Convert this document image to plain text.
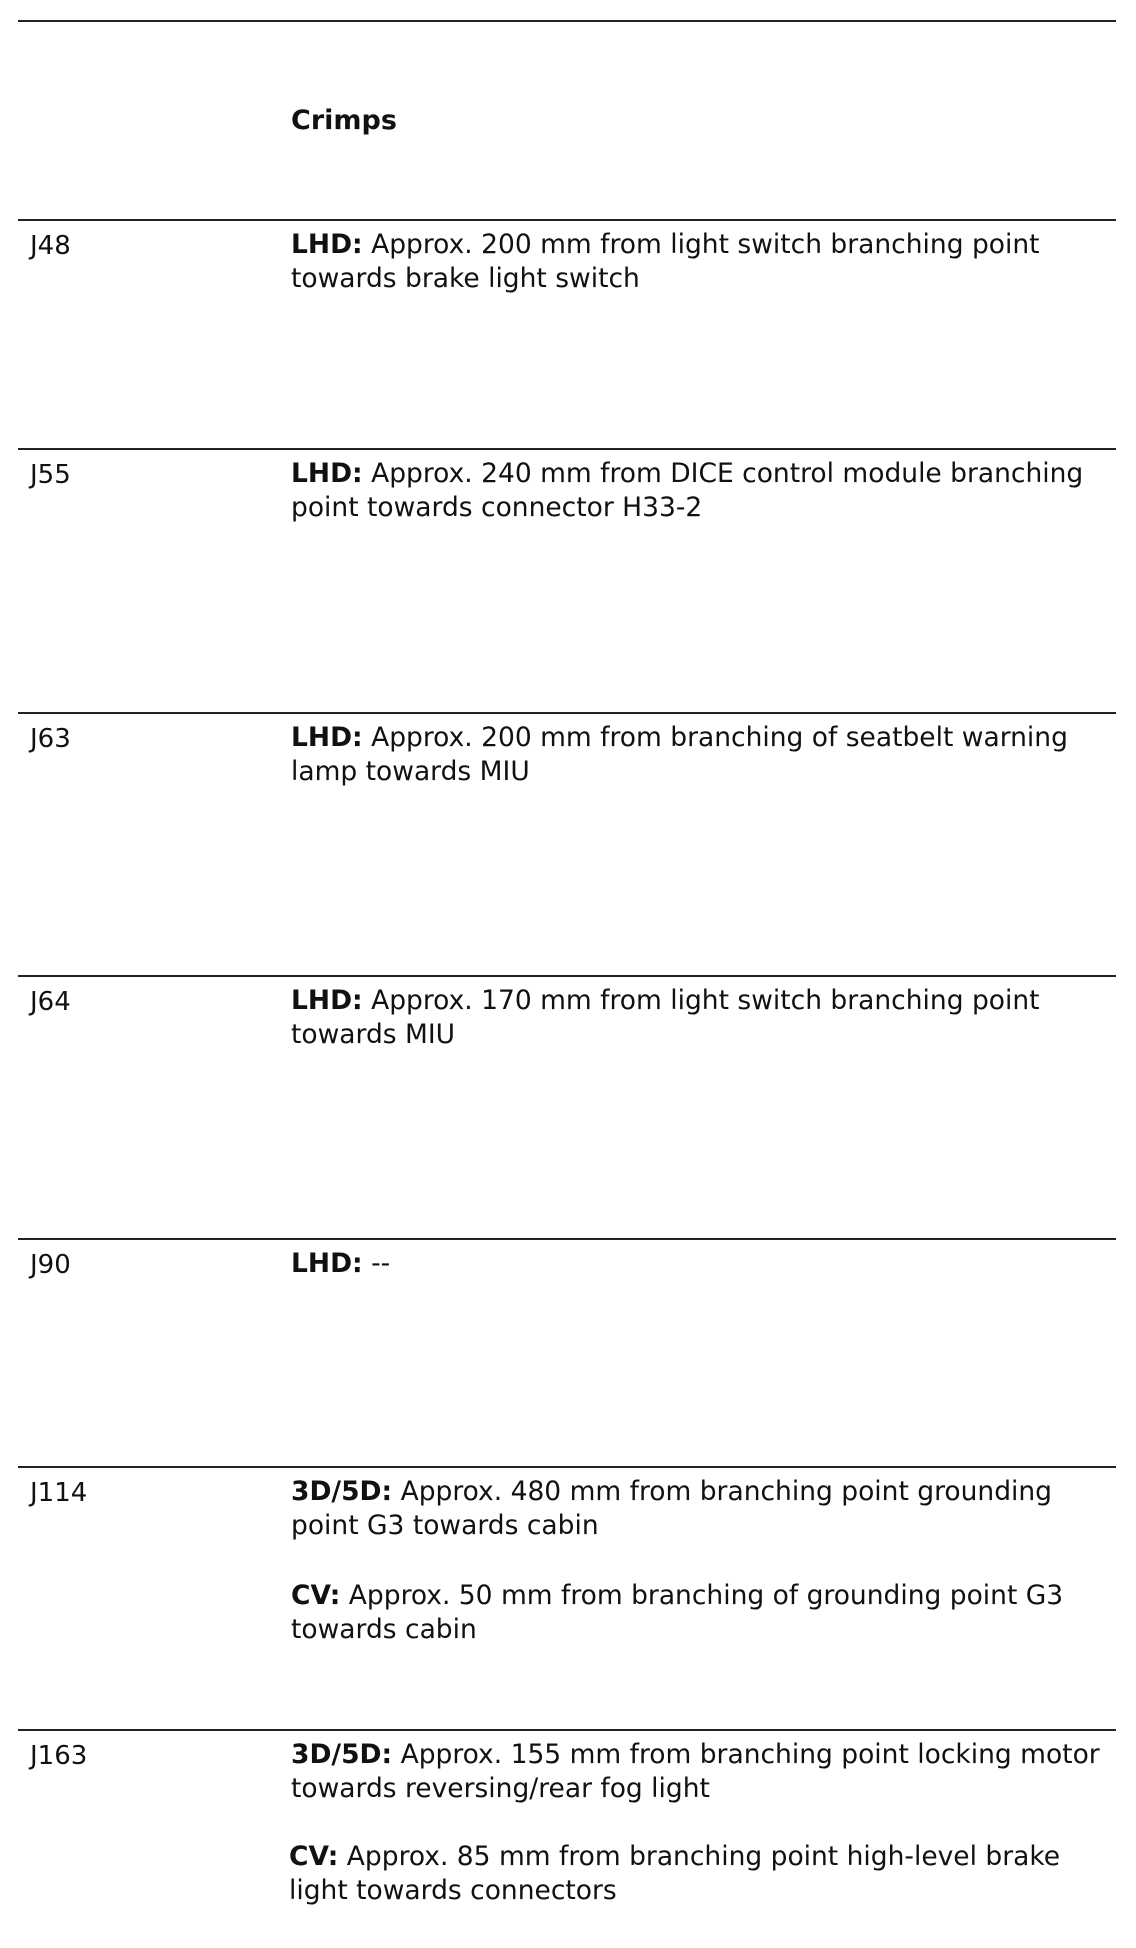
Crimps
J48	LHD: Approx. 200 mm from light switch branching point towards brake light switch
J55	LHD: Approx. 240 mm from DICE control module branching point towards connector H33-2
J63	LHD: Approx. 200 mm from branching of seatbelt warning lamp towards MIU
J64	LHD: Approx. 170 mm from light switch branching point towards MIU
J90	LHD: --
J114	3D/5D: Approx. 480 mm from branching point grounding point G3 towards cabin
CV: Approx. 50 mm from branching of grounding point G3 towards cabin
J163	3D/5D: Approx. 155 mm from branching point locking motor towards reversing/rear fog light
CV: Approx. 85 mm from branching point high-level brake light towards connectors
